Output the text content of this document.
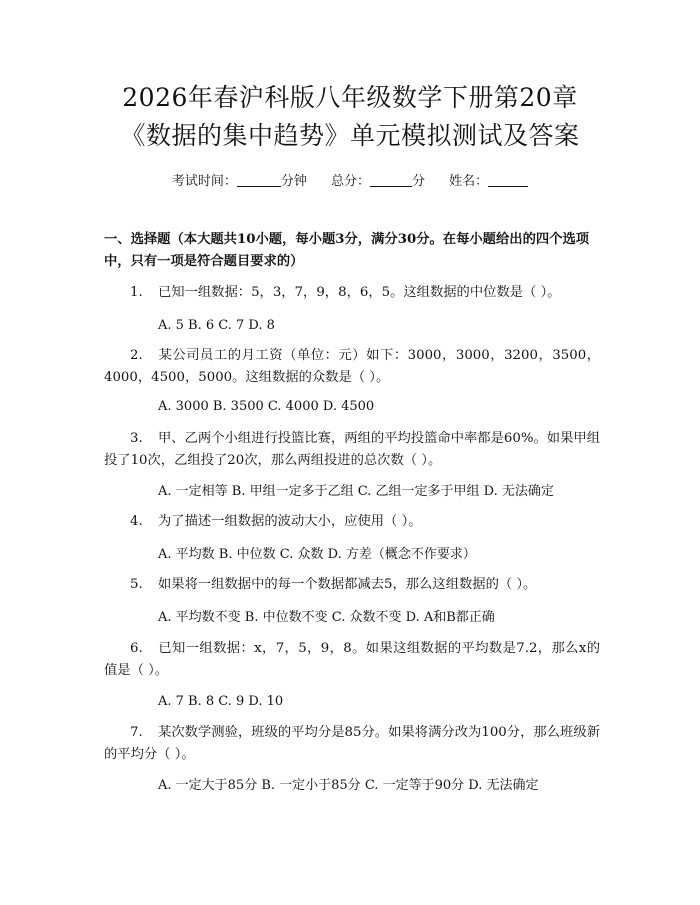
2026年春沪科版八年级数学下册第20章
《数据的集中趋势》单元模拟测试及答案
考试时间：	分钟 总分：	分 姓名：
一、选择题（本大题共10小题，每小题3分，满分30分。在每小题给出的四个选项中，只有一项是符合题目要求的）
1. 已知一组数据：5，3，7，9，8，6，5。这组数据的中位数是（ ）。
A. 5 B. 6 C. 7 D. 8
2. 某公司员工的月工资（单位：元）如下：3000，3000，3200，3500，4000，4500，5000。这组数据的众数是（ ）。
A. 3000 B. 3500 C. 4000 D. 4500
3. 甲、乙两个小组进行投篮比赛，两组的平均投篮命中率都是60%。如果甲组投了10次，乙组投了20次，那么两组投进的总次数（ ）。
A. 一定相等 B. 甲组一定多于乙组 C. 乙组一定多于甲组 D. 无法确定
4. 为了描述一组数据的波动大小，应使用（ ）。
A. 平均数 B. 中位数 C. 众数 D. 方差（概念不作要求）
5. 如果将一组数据中的每一个数据都减去5，那么这组数据的（ ）。
A. 平均数不变 B. 中位数不变 C. 众数不变 D. A和B都正确
6. 已知一组数据：x，7，5，9，8。如果这组数据的平均数是7.2，那么x的值是（ ）。
A. 7 B. 8 C. 9 D. 10
7. 某次数学测验，班级的平均分是85分。如果将满分改为100分，那么班级新的平均分（ ）。
A. 一定大于85分 B. 一定小于85分 C. 一定等于90分 D. 无法确定
